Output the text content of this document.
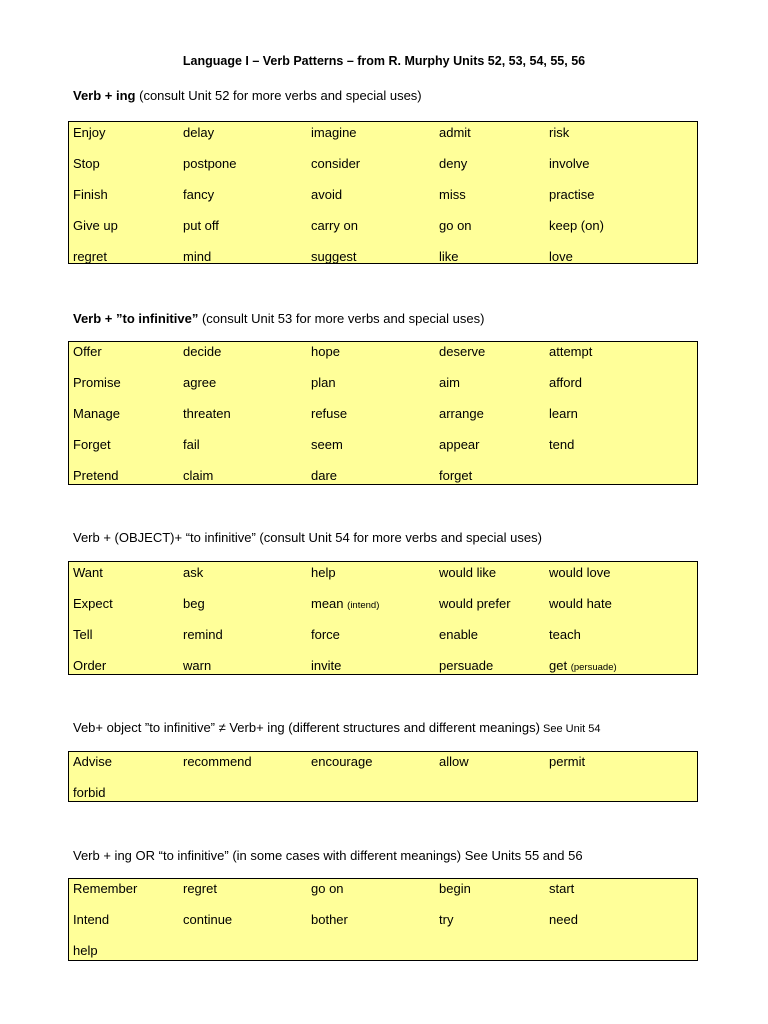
Language I – Verb Patterns – from R. Murphy Units 52, 53, 54, 55, 56
Verb + ing (consult Unit 52 for more verbs and special uses)
Enjoy	delay	imagine	admit	risk
Stop	postpone	consider	deny	involve
Finish	fancy	avoid	miss	practise
Give up	put off	carry on	go on	keep (on)
regret	mind	suggest	like	love
Verb + ”to infinitive” (consult Unit 53 for more verbs and special uses)
Offer	decide	hope	deserve	attempt
Promise	agree	plan	aim	afford
Manage	threaten	refuse	arrange	learn
Forget	fail	seem	appear	tend
Pretend	claim	dare	forget
Verb + (OBJECT)+ “to infinitive” (consult Unit 54 for more verbs and special uses)
Want	ask	help	would like	would love
Expect	beg	mean (intend)	would prefer	would hate
Tell	remind	force	enable	teach
Order	warn	invite	persuade	get (persuade)
Veb+ object ”to infinitive” ≠ Verb+ ing (different structures and different meanings) See Unit 54
Advise	recommend	encourage	allow	permit
forbid
Verb + ing OR “to infinitive” (in some cases with different meanings) See Units 55 and 56
Remember	regret	go on	begin	start
Intend	continue	bother	try	need
help
